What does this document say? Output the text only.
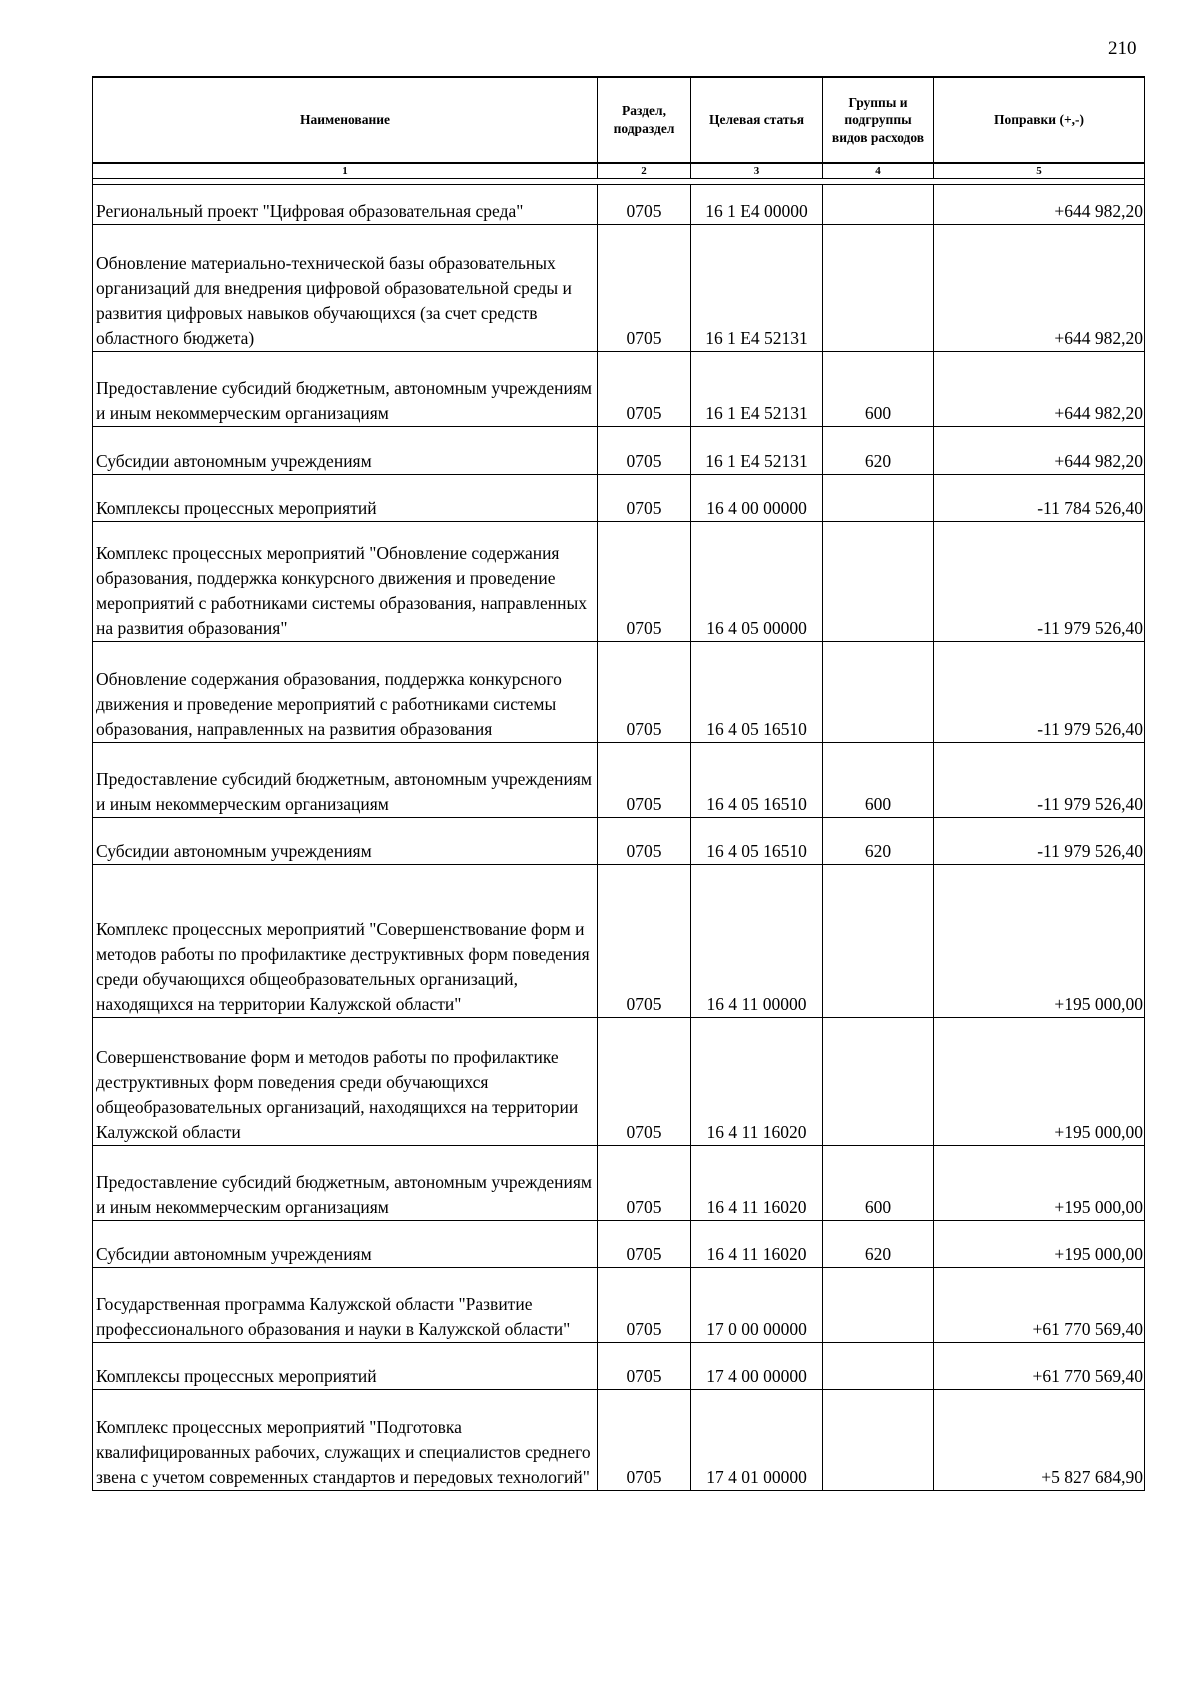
210
Наименование	Раздел, подраздел	Целевая статья	Группы и подгруппы видов расходов	Поправки (+,-)
1	2	3	4	5

Региональный проект "Цифровая образовательная среда"	0705	16 1 Е4 00000		+644 982,20
Обновление материально-технической базы образовательных организаций для внедрения цифровой образовательной среды и развития цифровых навыков обучающихся (за счет средств областного бюджета)	0705	16 1 Е4 52131		+644 982,20
Предоставление субсидий бюджетным, автономным учреждениям и иным некоммерческим организациям	0705	16 1 Е4 52131	600	+644 982,20
Субсидии автономным учреждениям	0705	16 1 Е4 52131	620	+644 982,20
Комплексы процессных мероприятий	0705	16 4 00 00000		-11 784 526,40
Комплекс процессных мероприятий "Обновление содержания образования, поддержка конкурсного движения и проведение мероприятий с работниками системы образования, направленных на развития образования"	0705	16 4 05 00000		-11 979 526,40
Обновление содержания образования, поддержка конкурсного движения и проведение мероприятий с работниками системы образования, направленных на развития образования	0705	16 4 05 16510		-11 979 526,40
Предоставление субсидий бюджетным, автономным учреждениям и иным некоммерческим организациям	0705	16 4 05 16510	600	-11 979 526,40
Субсидии автономным учреждениям	0705	16 4 05 16510	620	-11 979 526,40
Комплекс процессных мероприятий "Совершенствование форм и методов работы по профилактике деструктивных форм поведения среди обучающихся общеобразовательных организаций, находящихся на территории Калужской области"	0705	16 4 11 00000		+195 000,00
Совершенствование форм и методов работы по профилактике деструктивных форм поведения среди обучающихся общеобразовательных организаций, находящихся на территории Калужской области	0705	16 4 11 16020		+195 000,00
Предоставление субсидий бюджетным, автономным учреждениям и иным некоммерческим организациям	0705	16 4 11 16020	600	+195 000,00
Субсидии автономным учреждениям	0705	16 4 11 16020	620	+195 000,00
Государственная программа Калужской области "Развитие профессионального образования и науки в Калужской области"	0705	17 0 00 00000		+61 770 569,40
Комплексы процессных мероприятий	0705	17 4 00 00000		+61 770 569,40
Комплекс процессных мероприятий "Подготовка квалифицированных рабочих, служащих и специалистов среднего звена с учетом современных стандартов и передовых технологий"	0705	17 4 01 00000		+5 827 684,90
